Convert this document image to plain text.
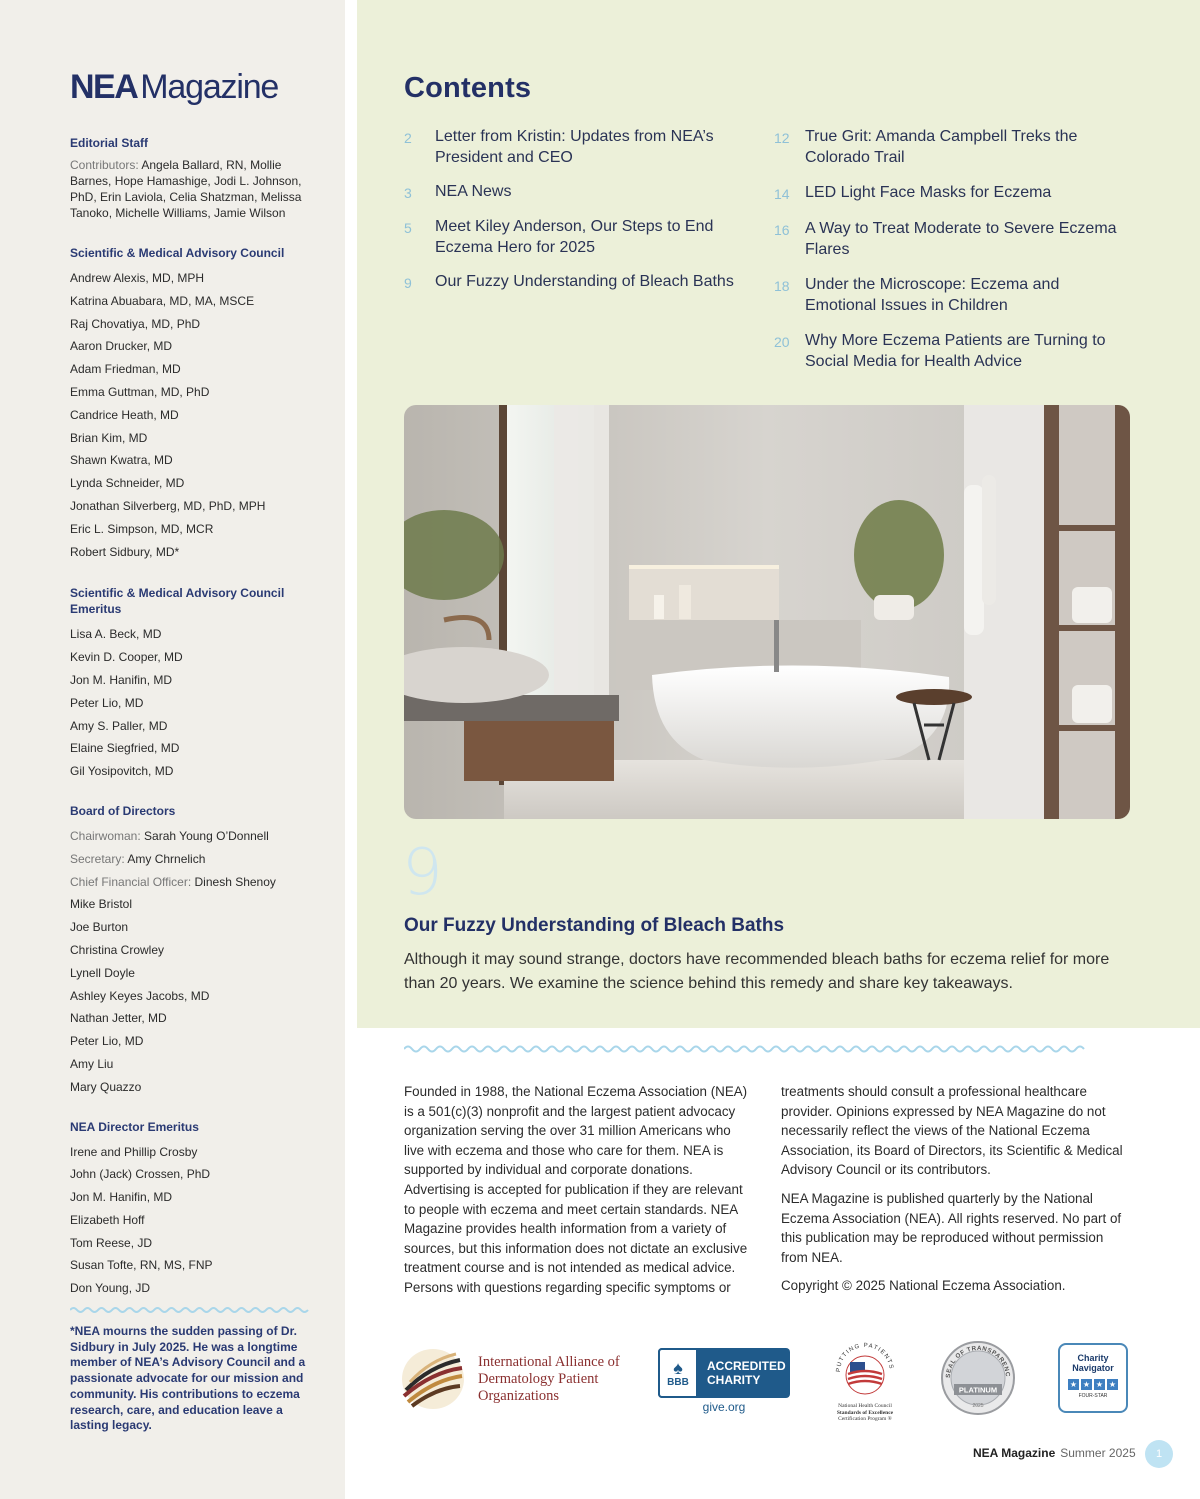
NEA Magazine
Editorial Staff
Contributors: Angela Ballard, RN, Mollie Barnes, Hope Hamashige, Jodi L. Johnson, PhD, Erin Laviola, Celia Shatzman, Melissa Tanoko, Michelle Williams, Jamie Wilson
Scientific & Medical Advisory Council
Andrew Alexis, MD, MPH
Katrina Abuabara, MD, MA, MSCE
Raj Chovatiya, MD, PhD
Aaron Drucker, MD
Adam Friedman, MD
Emma Guttman, MD, PhD
Candrice Heath, MD
Brian Kim, MD
Shawn Kwatra, MD
Lynda Schneider, MD
Jonathan Silverberg, MD, PhD, MPH
Eric L. Simpson, MD, MCR
Robert Sidbury, MD*
Scientific & Medical Advisory Council Emeritus
Lisa A. Beck, MD
Kevin D. Cooper, MD
Jon M. Hanifin, MD
Peter Lio, MD
Amy S. Paller, MD
Elaine Siegfried, MD
Gil Yosipovitch, MD
Board of Directors
Chairwoman: Sarah Young O’Donnell
Secretary: Amy Chrnelich
Chief Financial Officer: Dinesh Shenoy
Mike Bristol
Joe Burton
Christina Crowley
Lynell Doyle
Ashley Keyes Jacobs, MD
Nathan Jetter, MD
Peter Lio, MD
Amy Liu
Mary Quazzo
NEA Director Emeritus
Irene and Phillip Crosby
John (Jack) Crossen, PhD
Jon M. Hanifin, MD
Elizabeth Hoff
Tom Reese, JD
Susan Tofte, RN, MS, FNP
Don Young, JD
*NEA mourns the sudden passing of Dr. Sidbury in July 2025. He was a longtime member of NEA’s Advisory Council and a passionate advocate for our mission and community. His contributions to eczema research, care, and education leave a lasting legacy.
Contents
2	Letter from Kristin: Updates from NEA’s President and CEO
3	NEA News
5	Meet Kiley Anderson, Our Steps to End Eczema Hero for 2025
9	Our Fuzzy Understanding of Bleach Baths
12 True Grit: Amanda Campbell Treks the Colorado Trail
14 LED Light Face Masks for Eczema
16 A Way to Treat Moderate to Severe Eczema Flares
18 Under the Microscope: Eczema and Emotional Issues in Children
20 Why More Eczema Patients are Turning to Social Media for Health Advice
9
Our Fuzzy Understanding of Bleach Baths

Although it may sound strange, doctors have recommended bleach baths for eczema relief for more than 20 years. We examine the science behind this remedy and share key takeaways.

Founded in 1988, the National Eczema Association (NEA) is a 501(c)(3) nonprofit and the largest patient advocacy organization serving the over 31 million Americans who live with eczema and those who care for them. NEA is supported by individual and corporate donations. Advertising is accepted for publication if they are relevant to people with eczema and meet certain standards. NEA Magazine provides health information from a variety of sources, but this information does not dictate an exclusive treatment course and is not intended as medical advice. Persons with questions regarding specific symptoms or

treatments should consult a professional healthcare provider. Opinions expressed by NEA Magazine do not necessarily reflect the views of the National Eczema Association, its Board of Directors, its Scientific & Medical Advisory Council or its contributors.

NEA Magazine is published quarterly by the National Eczema Association (NEA). All rights reserved. No part of this publication may be reproduced without permission from NEA.

Copyright © 2025 National Eczema Association.

International Alliance of
Dermatology Patient
Organizations
♠
BBB
ACCREDITED
CHARITY
give.org
PUTTING PATIENTS
National Health Council
Standards of Excellence
Certification Program ®
SEAL OF TRANSPARENC
PLATINUM
2025
Charity
Navigator
★ ★ ★ ★
FOUR-STAR
NEA Magazine Summer 2025	1
